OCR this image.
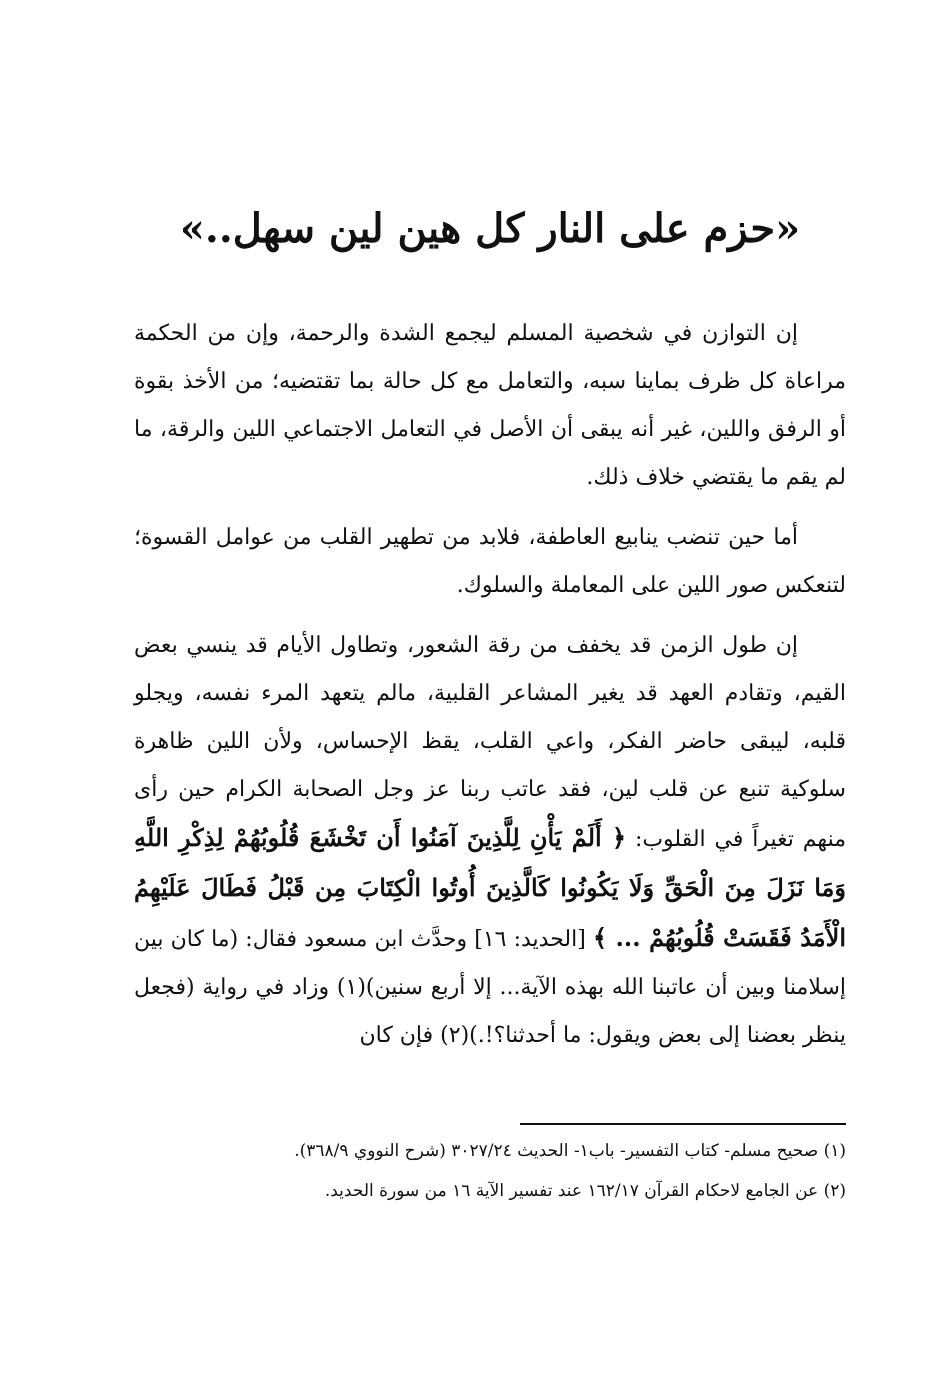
«حزم على النار كل هين لين سهل..»

إن التوازن في شخصية المسلم ليجمع الشدة والرحمة، وإن من الحكمة مراعاة كل ظرف بماينا سبه، والتعامل مع كل حالة بما تقتضيه؛ من الأخذ بقوة أو الرفق واللين، غير أنه يبقى أن الأصل في التعامل الاجتماعي اللين والرقة، ما لم يقم ما يقتضي خلاف ذلك.

أما حين تنضب ينابيع العاطفة، فلابد من تطهير القلب من عوامل القسوة؛ لتنعكس صور اللين على المعاملة والسلوك.

إن طول الزمن قد يخفف من رقة الشعور، وتطاول الأيام قد ينسي بعض القيم، وتقادم العهد قد يغير المشاعر القلبية، مالم يتعهد المرء نفسه، ويجلو قلبه، ليبقى حاضر الفكر، واعي القلب، يقظ الإحساس، ولأن اللين ظاهرة سلوكية تنبع عن قلب لين، فقد عاتب ربنا عز وجل الصحابة الكرام حين رأى منهم تغيراً في القلوب: ﴿ أَلَمْ يَأْنِ لِلَّذِينَ آمَنُوا أَن تَخْشَعَ قُلُوبُهُمْ لِذِكْرِ اللَّهِ وَمَا نَزَلَ مِنَ الْحَقِّ وَلَا يَكُونُوا كَالَّذِينَ أُوتُوا الْكِتَابَ مِن قَبْلُ فَطَالَ عَلَيْهِمُ الْأَمَدُ فَقَسَتْ قُلُوبُهُمْ ... ﴾ [الحديد: ١٦] وحدَّث ابن مسعود فقال: (ما كان بين إسلامنا وبين أن عاتبنا الله بهذه الآية... إلا أربع سنين)(١) وزاد في رواية (فجعل ينظر بعضنا إلى بعض ويقول: ما أحدثنا؟!.)(٢) فإن كان

(١) صحيح مسلم- كتاب التفسير- باب١- الحديث ٣٠٢٧/٢٤ (شرح النووي ٣٦٨/٩).

(٢) عن الجامع لاحكام القرآن ١٦٢/١٧ عند تفسير الآية ١٦ من سورة الحديد.
